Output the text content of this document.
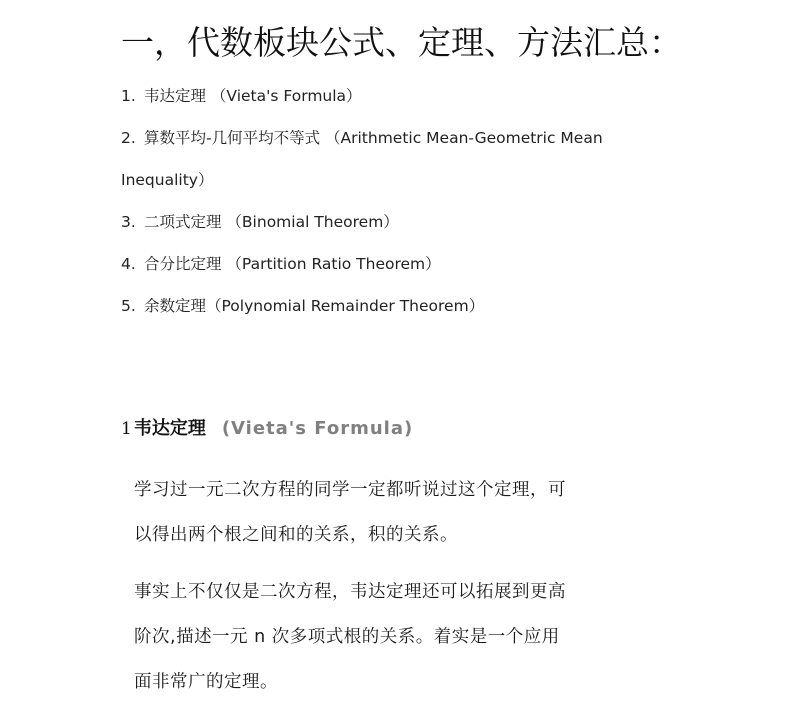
一，代数板块公式、定理、方法汇总：
1. 韦达定理 （Vieta's Formula）
2. 算数平均-几何平均不等式 （Arithmetic Mean-Geometric Mean
Inequality）
3. 二项式定理 （Binomial Theorem）
4. 合分比定理 （Partition Ratio Theorem）
5. 余数定理（Polynomial Remainder Theorem）
1 韦达定理 (Vieta's Formula)
学习过一元二次方程的同学一定都听说过这个定理，可
以得出两个根之间和的关系，积的关系。
事实上不仅仅是二次方程，韦达定理还可以拓展到更高
阶次,描述一元 n 次多项式根的关系。着实是一个应用
面非常广的定理。
